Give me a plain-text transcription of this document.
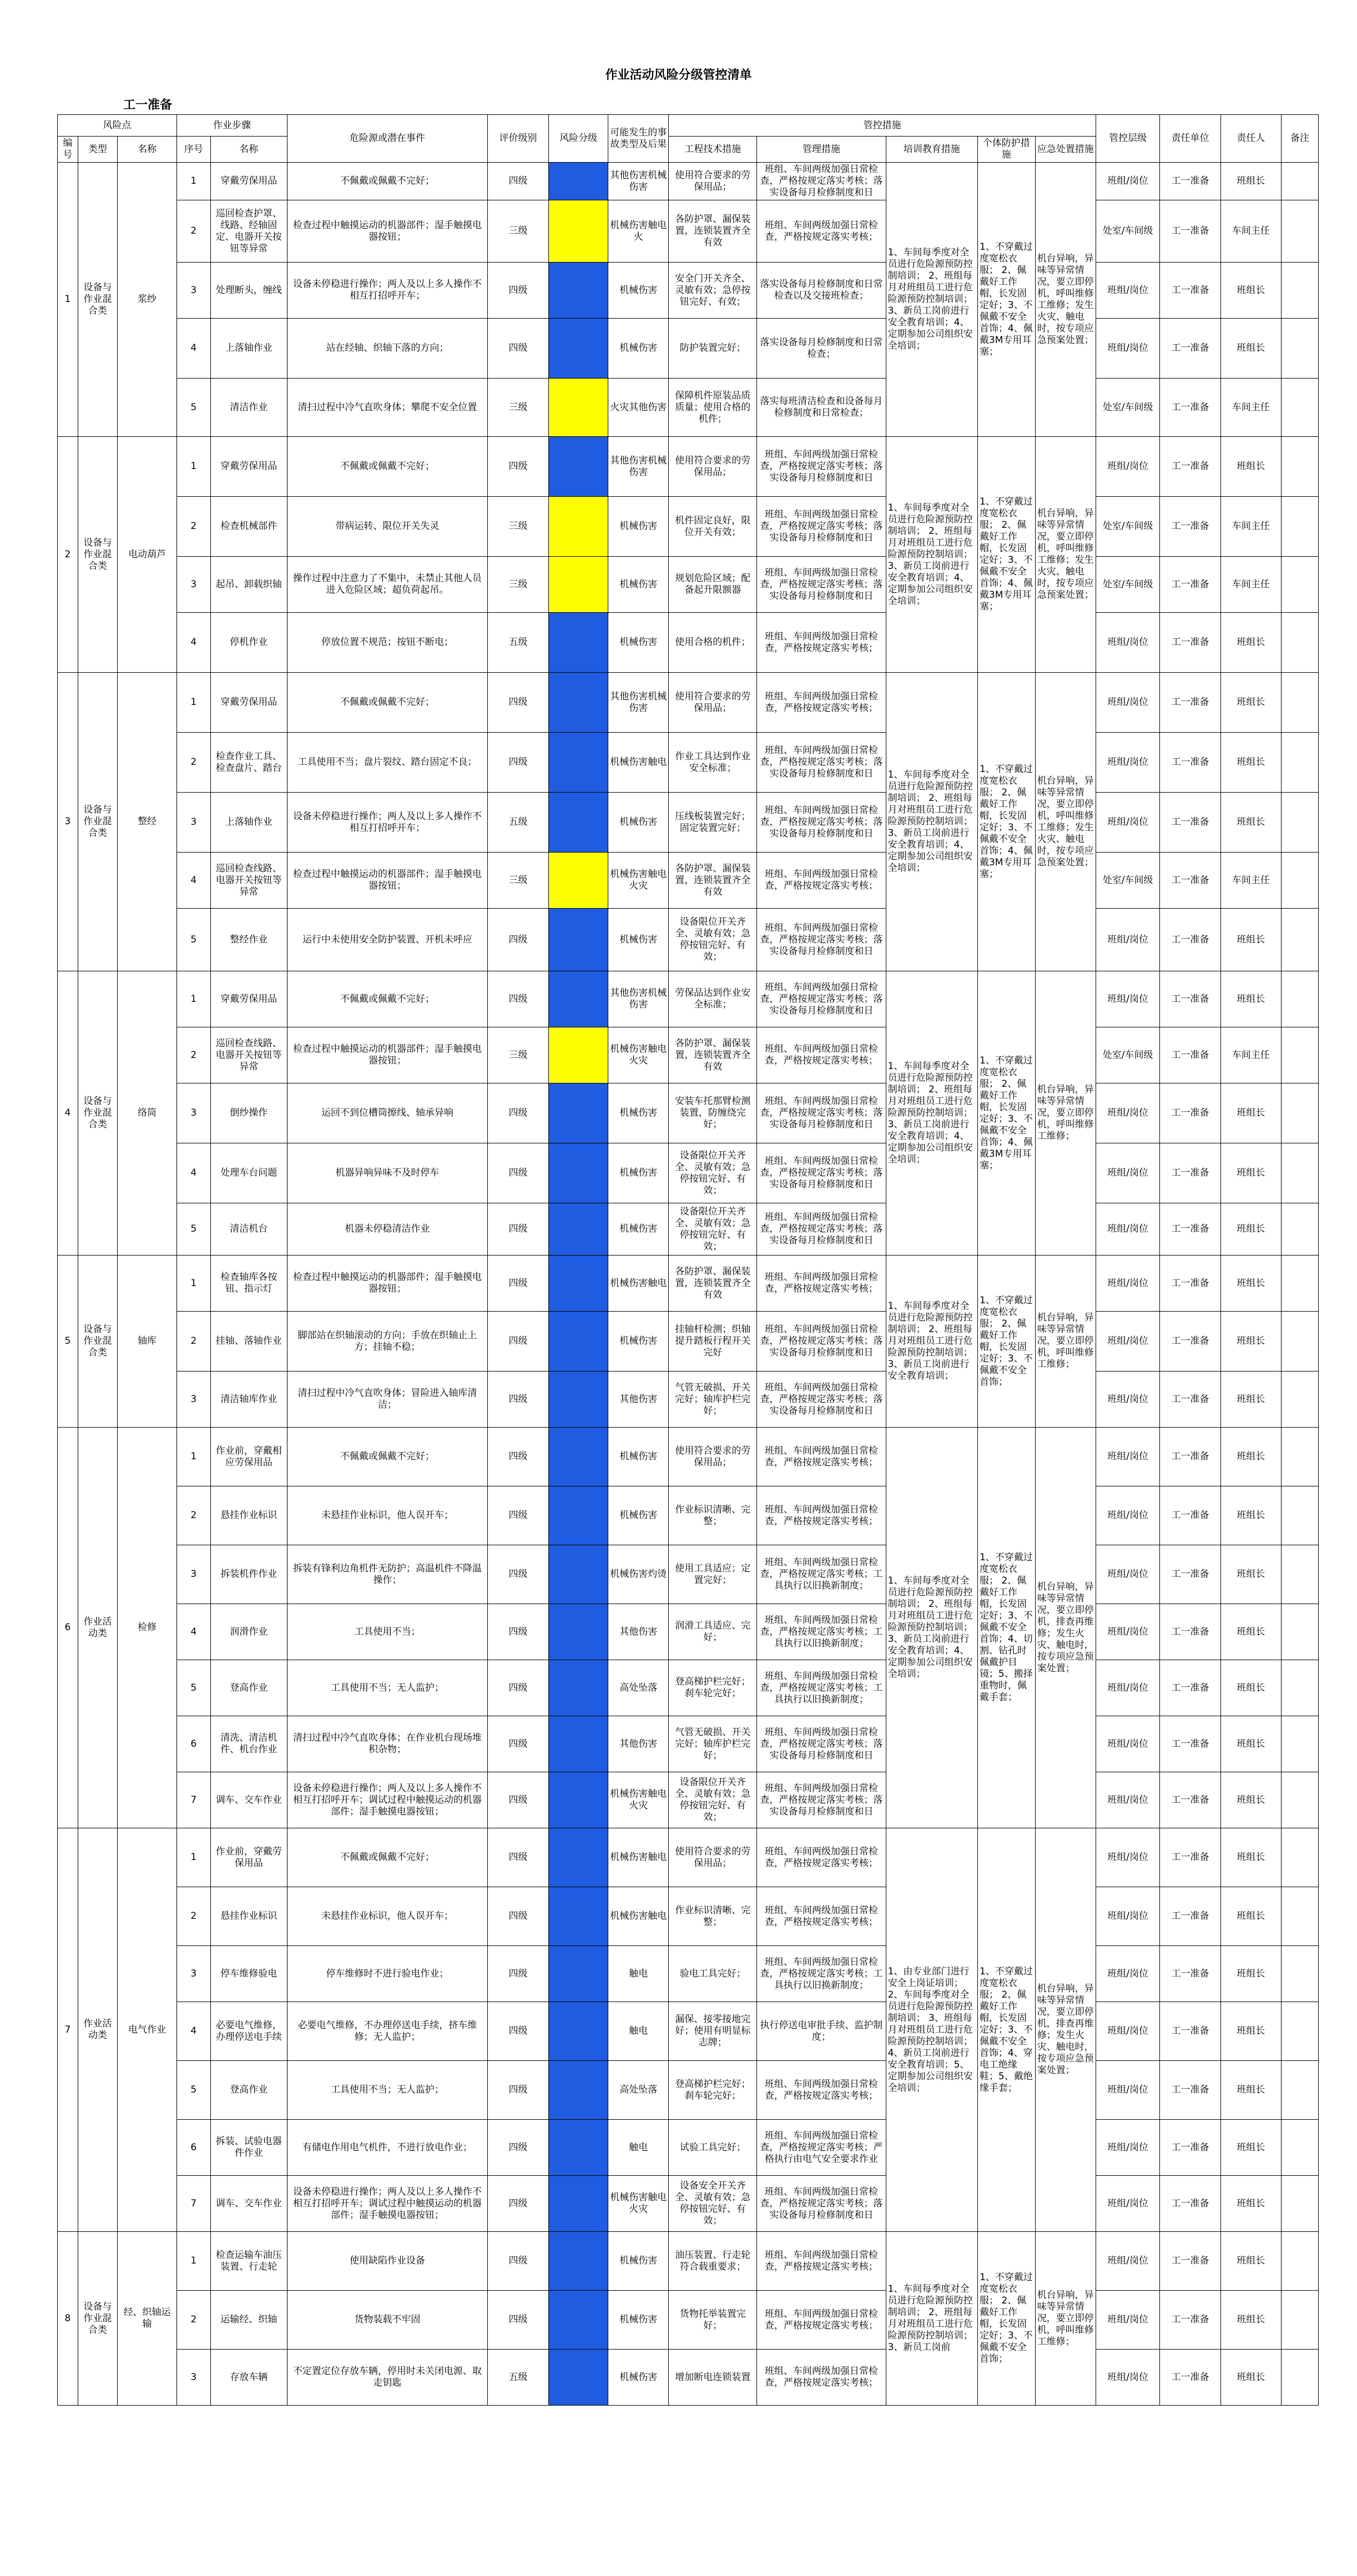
作业活动风险分级管控清单
工一准备
风险点			作业步骤		危险源或潜在事件	评价级别	风险分级	可能发生的事故类型及后果	管控措施					管控层级	责任单位	责任人	备注
编号	类型	名称	序号	名称					工程技术措施	管理措施	培训教育措施	个体防护措施	应急处置措施				
1	设备与作业混合类	浆纱	1	穿戴劳保用品	不佩戴或佩戴不完好；	四级		其他伤害机械伤害	使用符合要求的劳保用品；	班组、车间两级加强日常检查，严格按规定落实考核；落实设备每月检修制度和日	1、车间每季度对全员进行危险源预防控制培训； 2、班组每月对班组员工进行危险源预防控制培训； 3、新员工岗前进行安全教育培训；4、定期参加公司组织安全培训；	1、不穿戴过度宽松衣服； 2、佩戴好工作帽，长发固定好；3、不佩戴不安全首饰；4、佩戴3M专用耳塞；	机台异响，异味等异常情况，要立即停机，呼叫维修工维修；发生火灾、触电时，按专项应急预案处置；	班组/岗位	工一准备	班组长	
			2	巡回检查护罩、线路、经轴固定、电器开关按钮等异常	检查过程中触摸运动的机器部件；湿手触摸电器按钮；	三级		机械伤害触电火	各防护罩、漏保装置，连锁装置齐全有效	班组、车间两级加强日常检查，严格按规定落实考核；				处室/车间级	工一准备	车间主任	
			3	处理断头，缠线	设备未停稳进行操作；两人及以上多人操作不相互打招呼开车；	四级		机械伤害	安全门开关齐全、灵敏有效；急停按钮完好、有效；	落实设备每月检修制度和日常检查以及交接班检查；				班组/岗位	工一准备	班组长	
			4	上落轴作业	站在经轴、织轴下落的方向；	四级		机械伤害	防护装置完好；	落实设备每月检修制度和日常检查；				班组/岗位	工一准备	班组长	
			5	清洁作业	清扫过程中冷气直吹身体；攀爬不安全位置	三级		火灾其他伤害	保障机件原装品质质量；使用合格的机件；	落实每班清洁检查和设备每月检修制度和日常检查；				处室/车间级	工一准备	车间主任	
2	设备与作业混合类	电动葫芦	1	穿戴劳保用品	不佩戴或佩戴不完好；	四级		其他伤害机械伤害	使用符合要求的劳保用品；	班组、车间两级加强日常检查，严格按规定落实考核；落实设备每月检修制度和日	1、车间每季度对全员进行危险源预防控制培训； 2、班组每月对班组员工进行危险源预防控制培训； 3、新员工岗前进行安全教育培训；4、定期参加公司组织安全培训；	1、不穿戴过度宽松衣服； 2、佩戴好工作帽，长发固定好；3、不佩戴不安全首饰；4、佩戴3M专用耳塞；	机台异响，异味等异常情况，要立即停机，呼叫维修工维修；发生火灾、触电时，按专项应急预案处置；	班组/岗位	工一准备	班组长	
			2	检查机械部件	带病运转、限位开关失灵	三级		机械伤害	机件固定良好，限位开关有效；	班组、车间两级加强日常检查，严格按规定落实考核；落实设备每月检修制度和日				处室/车间级	工一准备	车间主任	
			3	起吊、卸载织轴	操作过程中注意力了不集中，未禁止其他人员进入危险区域；超负荷起吊。	三级		机械伤害	规划危险区域；配备起升限额器	班组、车间两级加强日常检查，严格按规定落实考核；落实设备每月检修制度和日				处室/车间级	工一准备	车间主任	
			4	停机作业	停放位置不规范；按钮不断电；	五级		机械伤害	使用合格的机件；	班组、车间两级加强日常检查，严格按规定落实考核；				班组/岗位	工一准备	班组长	
3	设备与作业混合类	整经	1	穿戴劳保用品	不佩戴或佩戴不完好；	四级		其他伤害机械伤害	使用符合要求的劳保用品；	班组、车间两级加强日常检查，严格按规定落实考核；	1、车间每季度对全员进行危险源预防控制培训； 2、班组每月对班组员工进行危险源预防控制培训； 3、新员工岗前进行安全教育培训；4、定期参加公司组织安全培训；	1、不穿戴过度宽松衣服； 2、佩戴好工作帽，长发固定好；3、不佩戴不安全首饰；4、佩戴3M专用耳塞；	机台异响，异味等异常情况，要立即停机，呼叫维修工维修；发生火灾、触电时，按专项应急预案处置；	班组/岗位	工一准备	班组长	
			2	检查作业工具、检查盘片、踏台	工具使用不当；盘片裂纹、踏台固定不良；	四级		机械伤害触电	作业工具达到作业安全标准；	班组、车间两级加强日常检查，严格按规定落实考核；落实设备每月检修制度和日				班组/岗位	工一准备	班组长	
			3	上落轴作业	设备未停稳进行操作；两人及以上多人操作不相互打招呼开车；	五级		机械伤害	压线板装置完好；固定装置完好；	班组、车间两级加强日常检查，严格按规定落实考核；落实设备每月检修制度和日				班组/岗位	工一准备	班组长	
			4	巡回检查线路、电器开关按钮等异常	检查过程中触摸运动的机器部件；湿手触摸电器按钮；	三级		机械伤害触电火灾	各防护罩、漏保装置，连锁装置齐全有效	班组、车间两级加强日常检查，严格按规定落实考核；				处室/车间级	工一准备	车间主任	
			5	整经作业	运行中未使用安全防护装置、开机未呼应	四级		机械伤害	设备限位开关齐全、灵敏有效；急停按钮完好、有效；	班组、车间两级加强日常检查，严格按规定落实考核；落实设备每月检修制度和日				班组/岗位	工一准备	班组长	
4	设备与作业混合类	络筒	1	穿戴劳保用品	不佩戴或佩戴不完好；	四级		其他伤害机械伤害	劳保品达到作业安全标准；	班组、车间两级加强日常检查，严格按规定落实考核；落实设备每月检修制度和日	1、车间每季度对全员进行危险源预防控制培训； 2、班组每月对班组员工进行危险源预防控制培训； 3、新员工岗前进行安全教育培训；4、定期参加公司组织安全培训；	1、不穿戴过度宽松衣服； 2、佩戴好工作帽，长发固定好；3、不佩戴不安全首饰；4、佩戴3M专用耳塞；	机台异响，异味等异常情况，要立即停机，呼叫维修工维修；	班组/岗位	工一准备	班组长	
			2	巡回检查线路、电器开关按钮等异常	检查过程中触摸运动的机器部件；湿手触摸电器按钮；	三级		机械伤害触电火灾	各防护罩、漏保装置，连锁装置齐全有效	班组、车间两级加强日常检查，严格按规定落实考核；				处室/车间级	工一准备	车间主任	
			3	倒纱操作	运回不到位槽筒擦线、轴承异响	四级		机械伤害	安装车托那臂检测装置，防缠绕完好；	班组、车间两级加强日常检查，严格按规定落实考核；落实设备每月检修制度和日				班组/岗位	工一准备	班组长	
			4	处理车台问题	机器异响异味不及时停车	四级		机械伤害	设备限位开关齐全、灵敏有效；急停按钮完好、有效；	班组、车间两级加强日常检查，严格按规定落实考核；落实设备每月检修制度和日				班组/岗位	工一准备	班组长	
			5	清洁机台	机器未停稳清洁作业	四级		机械伤害	设备限位开关齐全、灵敏有效；急停按钮完好、有效；	班组、车间两级加强日常检查，严格按规定落实考核；落实设备每月检修制度和日				班组/岗位	工一准备	班组长	
5	设备与作业混合类	轴库	1	检查轴库各按钮、指示灯	检查过程中触摸运动的机器部件；湿手触摸电器按钮；	四级		机械伤害触电	各防护罩、漏保装置，连锁装置齐全有效	班组、车间两级加强日常检查，严格按规定落实考核；	1、车间每季度对全员进行危险源预防控制培训； 2、班组每月对班组员工进行危险源预防控制培训； 3、新员工岗前进行安全教育培训；	1、不穿戴过度宽松衣服； 2、佩戴好工作帽，长发固定好；3、不佩戴不安全首饰；	机台异响，异味等异常情况，要立即停机，呼叫维修工维修；	班组/岗位	工一准备	班组长	
			2	挂轴、落轴作业	脚部站在织轴滚动的方向；手放在织轴止上方；挂轴不稳；	四级		机械伤害	挂轴杆检测；织轴提升踏板行程开关完好	班组、车间两级加强日常检查，严格按规定落实考核；落实设备每月检修制度和日				班组/岗位	工一准备	班组长	
			3	清洁轴库作业	清扫过程中冷气直吹身体；冒险进入轴库清洁；	四级		其他伤害	气管无破损、开关完好；轴库护栏完好；	班组、车间两级加强日常检查，严格按规定落实考核；落实设备每月检修制度和日				班组/岗位	工一准备	班组长	
6	作业活动类	检修	1	作业前，穿戴相应劳保用品	不佩戴或佩戴不完好；	四级		机械伤害	使用符合要求的劳保用品；	班组、车间两级加强日常检查，严格按规定落实考核；	1、车间每季度对全员进行危险源预防控制培训； 2、班组每月对班组员工进行危险源预防控制培训； 3、新员工岗前进行安全教育培训；4、定期参加公司组织安全培训；	1、不穿戴过度宽松衣服； 2、佩戴好工作帽，长发固定好；3、不佩戴不安全首饰；4、切割、钻孔时佩戴护目镜；5、搬择重物时，佩戴手套；	机台异响，异味等异常情况，要立即停机，排查再维修；发生火灾、触电时，按专项应急预案处置；	班组/岗位	工一准备	班组长	
			2	悬挂作业标识	未悬挂作业标识，他人误开车；	四级		机械伤害	作业标识清晰、完整；	班组、车间两级加强日常检查，严格按规定落实考核；				班组/岗位	工一准备	班组长	
			3	拆装机件作业	拆装有锋利边角机件无防护；高温机件不降温操作；	四级		机械伤害灼烫	使用工具适应；定置完好；	班组、车间两级加强日常检查，严格按规定落实考核；工具执行以旧换新制度；				班组/岗位	工一准备	班组长	
			4	润滑作业	工具使用不当；	四级		其他伤害	润滑工具适应、完好；	班组、车间两级加强日常检查，严格按规定落实考核；工具执行以旧换新制度；				班组/岗位	工一准备	班组长	
			5	登高作业	工具使用不当；无人监护；	四级		高处坠落	登高梯护栏完好；刹车轮完好；	班组、车间两级加强日常检查，严格按规定落实考核；工具执行以旧换新制度；				班组/岗位	工一准备	班组长	
			6	清洗、清洁机件、机台作业	清扫过程中冷气直吹身体；在作业机台现场堆积杂物；	四级		其他伤害	气管无破损、开关完好；轴库护栏完好；	班组、车间两级加强日常检查，严格按规定落实考核；落实设备每月检修制度和日				班组/岗位	工一准备	班组长	
			7	调车、交车作业	设备未停稳进行操作；两人及以上多人操作不相互打招呼开车；调试过程中触摸运动的机器部件；湿手触摸电器按钮；	四级		机械伤害触电火灾	设备限位开关齐全、灵敏有效；急停按钮完好、有效；	班组、车间两级加强日常检查，严格按规定落实考核；落实设备每月检修制度和日				班组/岗位	工一准备	班组长	
7	作业活动类	电气作业	1	作业前，穿戴劳保用品	不佩戴或佩戴不完好；	四级		机械伤害触电	使用符合要求的劳保用品；	班组、车间两级加强日常检查，严格按规定落实考核；	1、由专业部门进行安全上岗证培训； 2、车间每季度对全员进行危险源预防控制培训； 3、班组每月对班组员工进行危险源预防控制培训； 4、新员工岗前进行安全教育培训；5、定期参加公司组织安全培训；	1、不穿戴过度宽松衣服； 2、佩戴好工作帽，长发固定好；3、不佩戴不安全首饰；4、穿电工绝缘鞋；5、戴绝缘手套；	机台异响，异味等异常情况，要立即停机，排查再维修；发生火灾、触电时，按专项应急预案处置；	班组/岗位	工一准备	班组长	
			2	悬挂作业标识	未悬挂作业标识，他人误开车；	四级		机械伤害触电	作业标识清晰、完整；	班组、车间两级加强日常检查，严格按规定落实考核；				班组/岗位	工一准备	班组长	
			3	停车维修验电	停车维修时不进行验电作业；	四级		触电	验电工具完好；	班组、车间两级加强日常检查，严格按规定落实考核；工具执行以旧换新制度；				班组/岗位	工一准备	班组长	
			4	必要电气维修，办理停送电手续	必要电气维修，不办理停送电手续，挤车维修；无人监护；	四级		触电	漏保、接零接地完好；使用有明显标志牌；	执行停送电审批手续、监护制度；				班组/岗位	工一准备	班组长	
			5	登高作业	工具使用不当；无人监护；	四级		高处坠落	登高梯护栏完好；刹车轮完好；	班组、车间两级加强日常检查，严格按规定落实考核；				班组/岗位	工一准备	班组长	
			6	拆装、试验电器件作业	有储电作用电气机件，不进行放电作业；	四级		触电	试验工具完好；	班组、车间两级加强日常检查，严格按规定落实考核；严格执行由电气安全要求作业				班组/岗位	工一准备	班组长	
			7	调车、交车作业	设备未停稳进行操作；两人及以上多人操作不相互打招呼开车；调试过程中触摸运动的机器部件；湿手触摸电器按钮；	四级		机械伤害触电火灾	设备安全开关齐全、灵敏有效；急停按钮完好、有效；	班组、车间两级加强日常检查，严格按规定落实考核；落实设备每月检修制度和日				班组/岗位	工一准备	班组长	
8	设备与作业混合类	经、织轴运输	1	检查运输车油压装置、行走轮	使用缺陷作业设备	四级		机械伤害	油压装置、行走轮符合载重要求；	班组、车间两级加强日常检查，严格按规定落实考核；	1、车间每季度对全员进行危险源预防控制培训； 2、班组每月对班组员工进行危险源预防控制培训； 3、新员工岗前	1、不穿戴过度宽松衣服； 2、佩戴好工作帽，长发固定好；3、不佩戴不安全首饰；	机台异响，异味等异常情况，要立即停机，呼叫维修工维修；	班组/岗位	工一准备	班组长	
			2	运输经、织轴	货物装载不牢固	四级		机械伤害	货物托举装置完好；	班组、车间两级加强日常检查，严格按规定落实考核；				班组/岗位	工一准备	班组长	
			3	存放车辆	不定置定位存放车辆，停用时未关闭电源、取走钥匙	五级		机械伤害	增加断电连锁装置	班组、车间两级加强日常检查，严格按规定落实考核；				班组/岗位	工一准备	班组长	
